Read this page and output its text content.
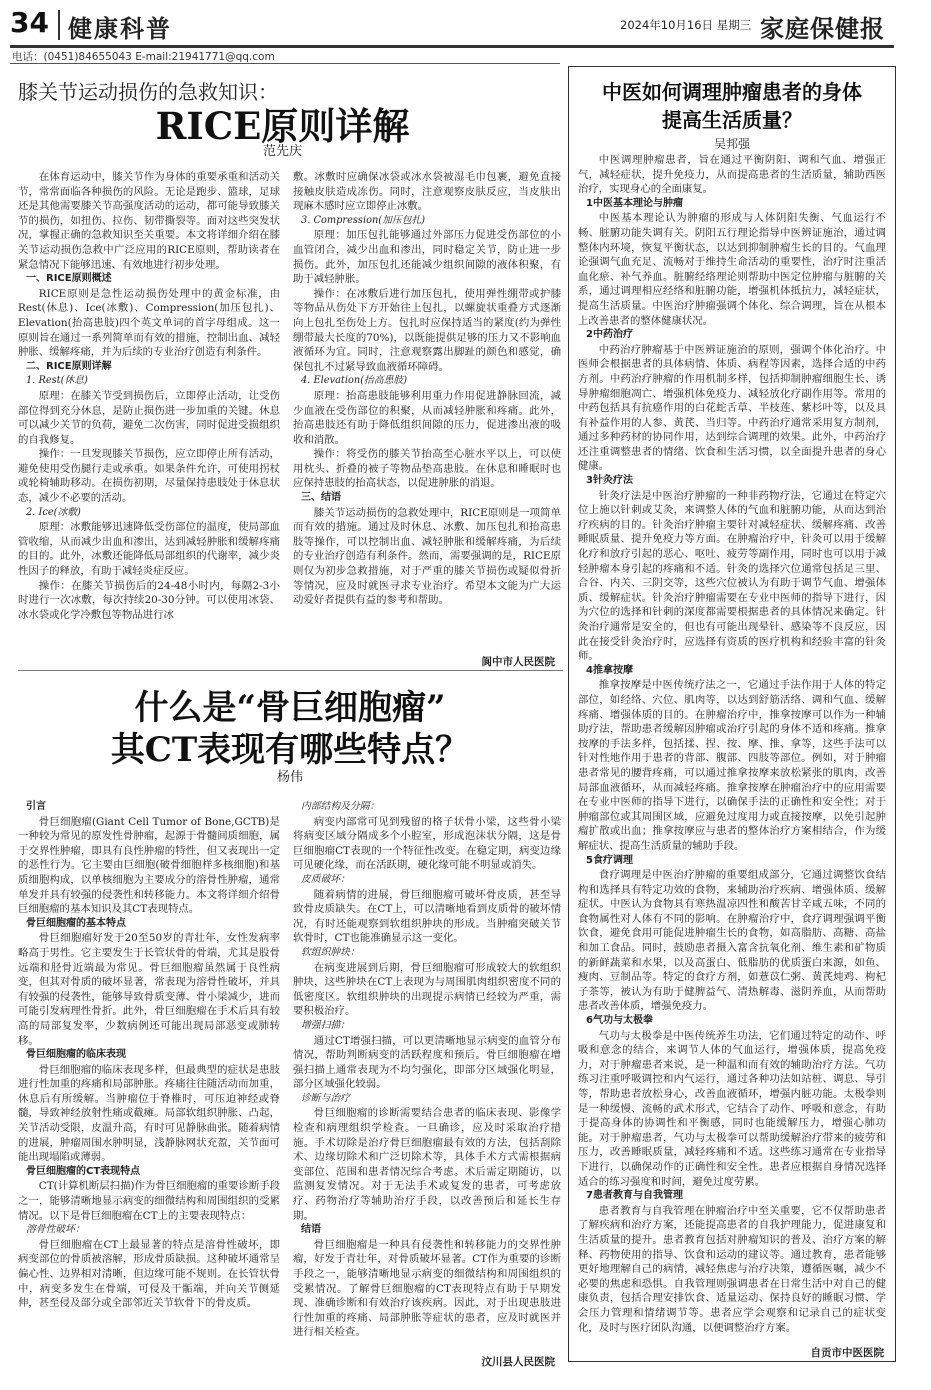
34 健康科普	2024年10月16日 星期三 家庭保健报
电话：(0451)84655043 E-mail:21941771@qq.com
膝关节运动损伤的急救知识：
RICE原则详解
范先庆

在体育运动中，膝关节作为身体的重要承重和活动关节，常常面临各种损伤的风险。无论是跑步、篮球，足球还是其他需要膝关节高强度活动的运动，都可能导致膝关节的损伤，如扭伤、拉伤、韧带撕裂等。面对这些突发状况，掌握正确的急救知识至关重要。本文将详细介绍在膝关节运动损伤急救中广泛应用的RICE原则，帮助读者在紧急情况下能够迅速、有效地进行初步处理。

一、RICE原则概述

RICE原则是急性运动损伤处理中的黄金标准，由Rest(休息)、Ice(冰敷)、Compression(加压包扎)、Elevation(抬高患肢)四个英文单词的首字母组成。这一原则旨在通过一系列简单而有效的措施，控制出血、减轻肿胀、缓解疼痛，并为后续的专业治疗创造有利条件。

二、RICE原则详解

1. Rest(休息)

原理：在膝关节受到损伤后，立即停止活动，让受伤部位得到充分休息，是防止损伤进一步加重的关键。休息可以减少关节的负荷，避免二次伤害，同时促进受损组织的自我修复。

操作：一旦发现膝关节损伤，应立即停止所有活动，避免使用受伤腿行走或承重。如果条件允许，可使用拐杖或轮椅辅助移动。在损伤初期，尽量保持患肢处于休息状态，减少不必要的活动。

2. Ice(冰敷)

原理：冰敷能够迅速降低受伤部位的温度，使局部血管收缩，从而减少出血和渗出，达到减轻肿胀和缓解疼痛的目的。此外，冰敷还能降低局部组织的代谢率，减少炎性因子的释放，有助于减轻炎症反应。

操作：在膝关节损伤后的24-48小时内，每隔2-3小时进行一次冰敷，每次持续20-30分钟。可以使用冰袋、冰水袋或化学冷敷包等物品进行冰

敷。冰敷时应确保冰袋或冰水袋被湿毛巾包裹，避免直接接触皮肤造成冻伤。同时，注意观察皮肤反应，当皮肤出现麻木感时应立即停止冰敷。

3. Compression(加压包扎)

原理：加压包扎能够通过外部压力促进受伤部位的小血管闭合，减少出血和渗出，同时稳定关节，防止进一步损伤。此外，加压包扎还能减少组织间隙的液体积聚，有助于减轻肿胀。

操作：在冰敷后进行加压包扎，使用弹性绷带或护膝等物品从伤处下方开始往上包扎，以螺旋状重叠方式逐渐向上包扎至伤处上方。包扎时应保持适当的紧度(约为弹性绷带最大长度的70%)，以既能提供足够的压力又不影响血液循环为宜。同时，注意观察露出脚趾的颜色和感觉，确保包扎不过紧导致血液循环障碍。

4. Elevation(抬高患肢)

原理：抬高患肢能够利用重力作用促进静脉回流，减少血液在受伤部位的积聚，从而减轻肿胀和疼痛。此外，抬高患肢还有助于降低组织间隙的压力，促进渗出液的吸收和消散。

操作：将受伤的膝关节抬高至心脏水平以上，可以使用枕头、折叠的被子等物品垫高患肢。在休息和睡眠时也应保持患肢的抬高状态，以促进肿胀的消退。

三、结语

膝关节运动损伤的急救处理中，RICE原则是一项简单而有效的措施。通过及时休息、冰敷、加压包扎和抬高患肢等操作，可以控制出血、减轻肿胀和缓解疼痛，为后续的专业治疗创造有利条件。然而，需要强调的是，RICE原则仅为初步急救措施，对于严重的膝关节损伤或疑似骨折等情况，应及时就医寻求专业治疗。希望本文能为广大运动爱好者提供有益的参考和帮助。

阆中市人民医院
什么是“骨巨细胞瘤”
其CT表现有哪些特点？
杨伟

引言

骨巨细胞瘤(Giant Cell Tumor of Bone,GCTB)是一种较为常见的原发性骨肿瘤，起源于骨髓间质细胞，属于交界性肿瘤，即具有良性肿瘤的特性，但又表现出一定的恶性行为。它主要由巨细胞(破骨细胞样多核细胞)和基质细胞构成，以单核细胞为主要成分的溶骨性肿瘤，通常单发并具有较强的侵袭性和转移能力。本文将详细介绍骨巨细胞瘤的基本知识及其CT表现特点。

骨巨细胞瘤的基本特点

骨巨细胞瘤好发于20至50岁的青壮年，女性发病率略高于男性。它主要发生于长管状骨的骨端，尤其是股骨远端和胫骨近端最为常见。骨巨细胞瘤虽然属于良性病变，但其对骨质的破坏显著，常表现为溶骨性破坏，并具有较强的侵袭性，能够导致骨质变薄、骨小梁减少，进而可能引发病理性骨折。此外，骨巨细胞瘤在手术后具有较高的局部复发率，少数病例还可能出现局部恶变或肺转移。

骨巨细胞瘤的临床表现

骨巨细胞瘤的临床表现多样，但最典型的症状是患肢进行性加重的疼痛和局部肿胀。疼痛往往随活动而加重，休息后有所缓解。当肿瘤位于脊椎时，可压迫神经或脊髓，导致神经放射性痛或截瘫。局部软组织肿胀、凸起，关节活动受限，皮温升高，有时可见静脉曲张。随着病情的进展，肿瘤周围水肿明显，浅静脉网状充盈，关节面可能出现塌陷或薄弱。

骨巨细胞瘤的CT表现特点

CT(计算机断层扫描)作为骨巨细胞瘤的重要诊断手段之一，能够清晰地显示病变的细微结构和周围组织的受累情况。以下是骨巨细胞瘤在CT上的主要表现特点：

溶骨性破坏：

骨巨细胞瘤在CT上最显著的特点是溶骨性破坏，即病变部位的骨质被溶解，形成骨质缺损。这种破坏通常呈偏心性、边界相对清晰，但边缘可能不规则。在长管状骨中，病变多发生在骨端，可侵及干骺端，并向关节侧延伸，甚至侵及部分或全部邻近关节软骨下的骨皮质。

内部结构及分隔：

病变内部常可见到残留的格子状骨小梁，这些骨小梁将病变区域分隔成多个小腔室，形成泡沫状分隔，这是骨巨细胞瘤CT表现的一个特征性改变。在稳定期，病变边缘可见硬化缘，而在活跃期，硬化缘可能不明显或消失。

皮质破坏：

随着病情的进展，骨巨细胞瘤可破坏骨皮质，甚至导致骨皮质缺失。在CT上，可以清晰地看到皮质骨的破坏情况，有时还能观察到软组织肿块的形成。当肿瘤突破关节软骨时，CT也能准确显示这一变化。

软组织肿块：

在病变进展到后期，骨巨细胞瘤可形成较大的软组织肿块，这些肿块在CT上表现为与周围肌肉组织密度不同的低密度区。软组织肿块的出现提示病情已经较为严重，需要积极治疗。

增强扫描：

通过CT增强扫描，可以更清晰地显示病变的血管分布情况，帮助判断病变的活跃程度和预后。骨巨细胞瘤在增强扫描上通常表现为不均匀强化，即部分区域强化明显，部分区域强化较弱。

诊断与治疗

骨巨细胞瘤的诊断需要结合患者的临床表现、影像学检查和病理组织学检查。一旦确诊，应及时采取治疗措施。手术切除是治疗骨巨细胞瘤最有效的方法，包括刮除术、边缘切除术和广泛切除术等，具体手术方式需根据病变部位、范围和患者情况综合考虑。术后需定期随访，以监测复发情况。对于无法手术或复发的患者，可考虑放疗、药物治疗等辅助治疗手段，以改善预后和延长生存期。

结语

骨巨细胞瘤是一种具有侵袭性和转移能力的交界性肿瘤，好发于青壮年，对骨质破坏显著。CT作为重要的诊断手段之一，能够清晰地显示病变的细微结构和周围组织的受累情况。了解骨巨细胞瘤的CT表现特点有助于早期发现、准确诊断和有效治疗该疾病。因此，对于出现患肢进行性加重的疼痛、局部肿胀等症状的患者，应及时就医并进行相关检查。

汶川县人民医院
中医如何调理肿瘤患者的身体
提高生活质量？
吴邦强

中医调理肿瘤患者，旨在通过平衡阴阳、调和气血、增强正气，减轻症状，提升免疫力，从而提高患者的生活质量，辅助西医治疗，实现身心的全面康复。

1中医基本理论与肿瘤

中医基本理论认为肿瘤的形成与人体阴阳失衡、气血运行不畅、脏腑功能失调有关。阴阳五行理论指导中医辨证施治，通过调整体内环境，恢复平衡状态，以达到抑制肿瘤生长的目的。气血理论强调气血充足、流畅对于维持生命活动的重要性，治疗时注重活血化瘀、补气养血。脏腑经络理论则帮助中医定位肿瘤与脏腑的关系，通过调理相应经络和脏腑功能，增强机体抵抗力，减轻症状，提高生活质量。中医治疗肿瘤强调个体化、综合调理，旨在从根本上改善患者的整体健康状况。

2中药治疗

中药治疗肿瘤基于中医辨证施治的原则，强调个体化治疗。中医师会根据患者的具体病情、体质、病程等因素，选择合适的中药方剂。中药治疗肿瘤的作用机制多样，包括抑制肿瘤细胞生长、诱导肿瘤细胞凋亡、增强机体免疫力、减轻放化疗副作用等。常用的中药包括具有抗癌作用的白花蛇舌草、半枝莲、紫杉叶等，以及具有补益作用的人参、黄芪、当归等。中药治疗通常采用复方制剂，通过多种药材的协同作用，达到综合调理的效果。此外，中药治疗还注重调整患者的情绪、饮食和生活习惯，以全面提升患者的身心健康。

3针灸疗法

针灸疗法是中医治疗肿瘤的一种非药物疗法，它通过在特定穴位上施以针刺或艾灸，来调整人体的气血和脏腑功能，从而达到治疗疾病的目的。针灸治疗肿瘤主要针对减轻症状、缓解疼痛、改善睡眠质量、提升免疫力等方面。在肿瘤治疗中，针灸可以用于缓解化疗和放疗引起的恶心、呕吐、疲劳等副作用，同时也可以用于减轻肿瘤本身引起的疼痛和不适。针灸的选择穴位通常包括足三里、合谷、内关、三阴交等，这些穴位被认为有助于调节气血、增强体质、缓解症状。针灸治疗肿瘤需要在专业中医师的指导下进行，因为穴位的选择和针刺的深度都需要根据患者的具体情况来确定。针灸治疗通常是安全的，但也有可能出现晕针、感染等不良反应，因此在接受针灸治疗时，应选择有资质的医疗机构和经验丰富的针灸师。

4推拿按摩

推拿按摩是中医传统疗法之一，它通过手法作用于人体的特定部位，如经络、穴位、肌肉等，以达到舒筋活络、调和气血、缓解疼痛、增强体质的目的。在肿瘤治疗中，推拿按摩可以作为一种辅助疗法，帮助患者缓解因肿瘤或治疗引起的身体不适和疼痛。推拿按摩的手法多样，包括揉、捏、按、摩、推、拿等，这些手法可以针对性地作用于患者的背部、腹部、四肢等部位。例如，对于肿瘤患者常见的腰背疼痛，可以通过推拿按摩来放松紧张的肌肉，改善局部血液循环，从而减轻疼痛。推拿按摩在肿瘤治疗中的应用需要在专业中医师的指导下进行，以确保手法的正确性和安全性；对于肿瘤部位或其周围区域，应避免过度用力或直接按摩，以免引起肿瘤扩散或出血；推拿按摩应与患者的整体治疗方案相结合，作为缓解症状、提高生活质量的辅助手段。

5食疗调理

食疗调理是中医治疗肿瘤的重要组成部分，它通过调整饮食结构和选择具有特定功效的食物，来辅助治疗疾病、增强体质、缓解症状。中医认为食物具有寒热温凉四性和酸苦甘辛咸五味，不同的食物属性对人体有不同的影响。在肿瘤治疗中，食疗调理强调平衡饮食，避免食用可能促进肿瘤生长的食物，如高脂肪、高糖、高盐和加工食品。同时，鼓励患者摄入富含抗氧化剂、维生素和矿物质的新鲜蔬菜和水果，以及高蛋白、低脂肪的优质蛋白来源，如鱼、瘦肉、豆制品等。特定的食疗方剂，如薏苡仁粥、黄芪炖鸡、枸杞子茶等，被认为有助于健脾益气、清热解毒、滋阴养血，从而帮助患者改善体质，增强免疫力。

6气功与太极拳

气功与太极拳是中医传统养生功法，它们通过特定的动作、呼吸和意念的结合，来调节人体的气血运行，增强体质，提高免疫力，对于肿瘤患者来说，是一种温和而有效的辅助治疗方法。气功练习注重呼吸调控和内气运行，通过各种功法如站桩、调息、导引等，帮助患者放松身心，改善血液循环，增强内脏功能。太极拳则是一种缓慢、流畅的武术形式，它结合了动作、呼吸和意念，有助于提高身体的协调性和平衡感，同时也能缓解压力，增强心肺功能。对于肿瘤患者，气功与太极拳可以帮助缓解治疗带来的疲劳和压力，改善睡眠质量，减轻疼痛和不适。这些练习通常在专业指导下进行，以确保动作的正确性和安全性。患者应根据自身情况选择适合的练习强度和时间，避免过度劳累。

7患者教育与自我管理

患者教育与自我管理在肿瘤治疗中至关重要，它不仅帮助患者了解疾病和治疗方案，还能提高患者的自我护理能力，促进康复和生活质量的提升。患者教育包括对肿瘤知识的普及、治疗方案的解释、药物使用的指导、饮食和运动的建议等。通过教育，患者能够更好地理解自己的病情，减轻焦虑与治疗决策，遵循医嘱，减少不必要的焦虑和恐惧。自我管理则强调患者在日常生活中对自己的健康负责，包括合理安排饮食、适量运动、保持良好的睡眠习惯、学会压力管理和情绪调节等。患者应学会观察和记录自己的症状变化，及时与医疗团队沟通，以便调整治疗方案。

自贡市中医医院
